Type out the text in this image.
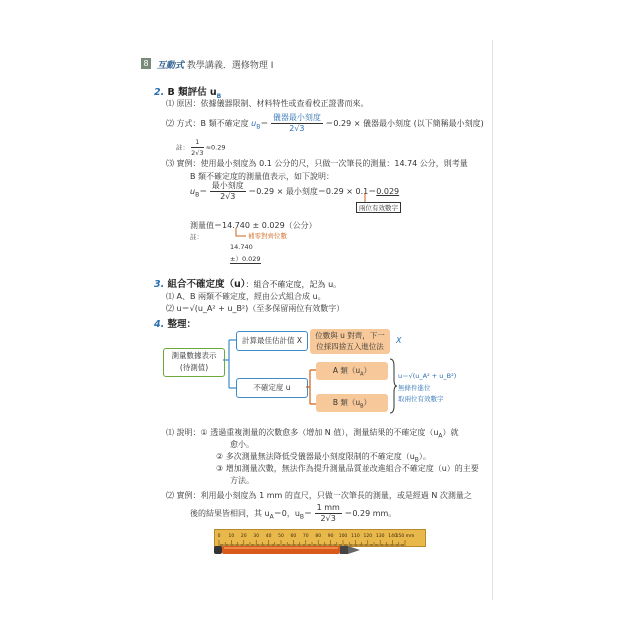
8 互動式 教學講義．選修物理 I
2. B 類評估 $u_B$
⑴ 原因：依據儀器限制、材料特性或查看校正證書而來。
⑵ 方式：B 類不確定度 $u_B= \frac{\text{儀器最小刻度}}{2√3} =0.29$ × 儀器最小刻度 (以下簡稱最小刻度)
註： $\frac{1}{2√3} \approx 0.29$
⑶ 實例：使用最小刻度為 0.1 公分的尺，只做一次筆長的測量：14.74 公分，則考量
B 類不確定度的測量值表示，如下說明：
$u_B= \frac{\text{最小刻度}}{2√3} =0.29$ × 最小刻度＝0.29 × 0.1＝0.029
兩位有效數字
測量值＝14.740 ± 0.029（公分）
補零對齊位數
註：
14.740
±）0.029
3. 組合不確定度（u）：組合不確定度，記為 u。
⑴ A、B 兩類不確定度，經由公式組合成 u。
⑵ u＝√(u_A² + u_B²)（至多保留兩位有效數字）
4. 整理：
測量數據表示
(待測值)
計算最佳估計值 X
位數與 u 對齊，下一
位採四捨五入進位法
X
不確定度 u
A 類$(u_A)$
B 類$(u_B)$
u＝√(u_A² + u_B²)
無條件進位
取兩位有效數字
⑴ 說明：① 透過重複測量的次數愈多（增加 N 值），測量結果的不確定度$(u_A)$就
愈小。
② 多次測量無法降低受儀器最小刻度限制的不確定度$(u_B)$。
③ 增加測量次數，無法作為提升測量品質並改進組合不確定度（u）的主要
方法。
⑵ 實例：利用最小刻度為 1 mm 的直尺，只做一次筆長的測量，或是經過 N 次測量之
後的結果皆相同，其 $u_A=0$，$u_B= \frac{1 mm}{2√3} =0.29$ mm。
0 10 20 30 40 50 60 70 80 90 100 110 120 130 140
150 mm
